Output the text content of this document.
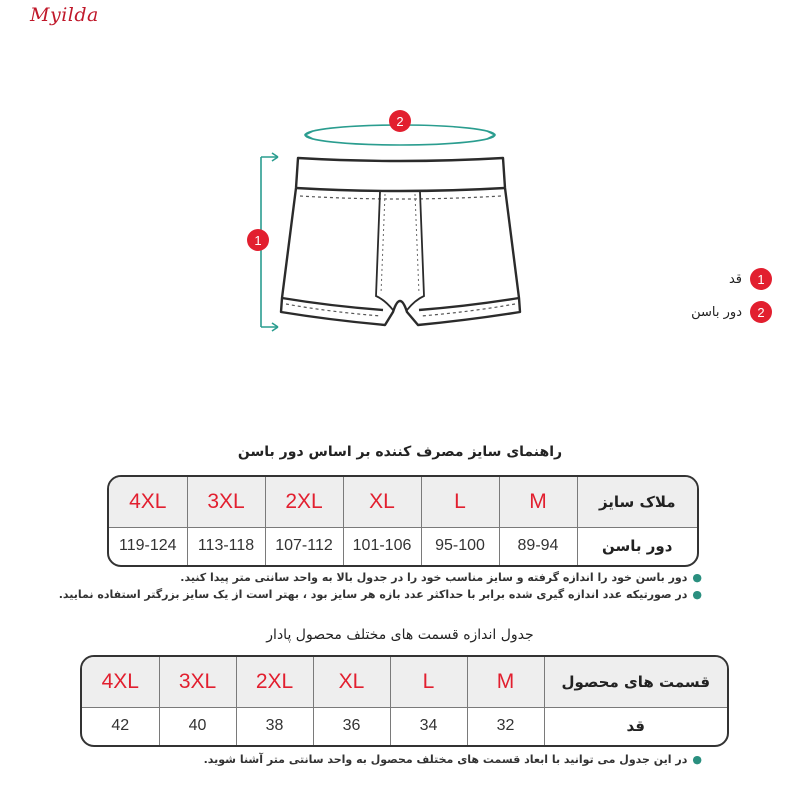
Myilda
2
1
1
قد
2
دور باسن
راهنمای سایز مصرف کننده بر اساس دور باسن
4XL	3XL	2XL	XL	L	M	ملاک سایز
119-124	113-118	107-112	101-106	95-100	89-94	دور باسن
●دور باسن خود را اندازه گرفته و سایز مناسب خود را در جدول بالا به واحد سانتی متر پیدا کنید.
●در صورتیکه عدد اندازه گیری شده برابر با حداکثر عدد بازه هر سایز بود ، بهتر است از یک سایز بزرگتر استفاده نمایید.
جدول اندازه قسمت های مختلف محصول پادار
4XL	3XL	2XL	XL	L	M	قسمت های محصول
42	40	38	36	34	32	قد
●در این جدول می توانید با ابعاد قسمت های مختلف محصول به واحد سانتی متر آشنا شوید.
